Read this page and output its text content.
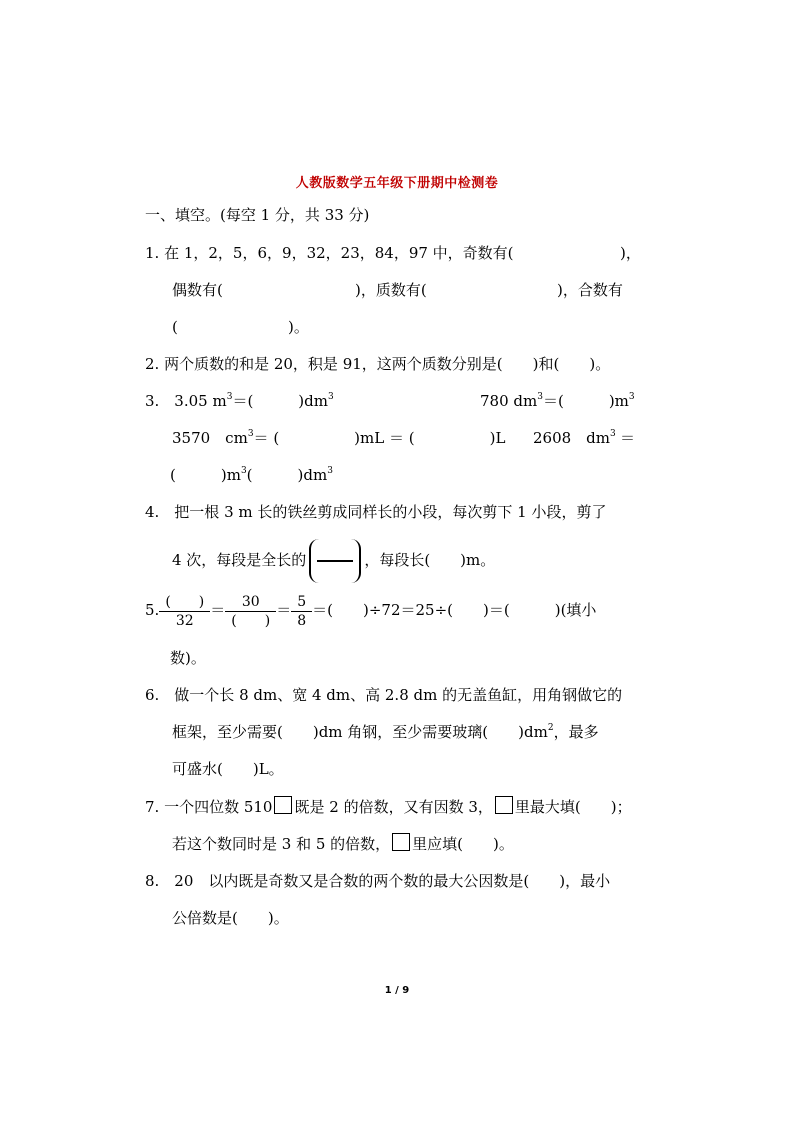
人教版数学五年级下册期中检测卷
一、填空。(每空 1 分，共 33 分)
1. 在 1，2，5，6，9，32，23，84，97 中，奇数有(	)，
偶数有(	)，质数有(	)，合数有
(	)。
2. 两个质数的和是 20，积是 91，这两个质数分别是(　　)和(　　)。
3.　3.05 $m^3=$(　　　)$dm^3$	780 $dm^3=$(　　　)$m^3$
3570　$cm^3=$ (　　　　　)mL ＝ (　　　　　)L 2608　$dm^3$ ＝
(　　　)$m^3$(　　　)$dm^3$
4.　把一根 3 m 长的铁丝剪成同样长的小段，每次剪下 1 小段，剪了
4 次，每段是全长的	，每段长(　　)m。
5. $\frac{( )}{32} = \frac{30}{( )} = \frac{5}{8}$ ＝(　　)÷72＝25÷(　　)＝(　　　)(填小
数)。
6.　做一个长 8 dm、宽 4 dm、高 2.8 dm 的无盖鱼缸，用角钢做它的
框架，至少需要(　　)dm 角钢，至少需要玻璃(　　)$dm^2$，最多
可盛水(　　)L。
7. 一个四位数 510 既是 2 的倍数，又有因数 3， 里最大填(　　)；
若这个数同时是 3 和 5 的倍数， 里应填(　　)。
8.　20　以内既是奇数又是合数的两个数的最大公因数是(　　)，最小
公倍数是(　　)。
1 / 9
